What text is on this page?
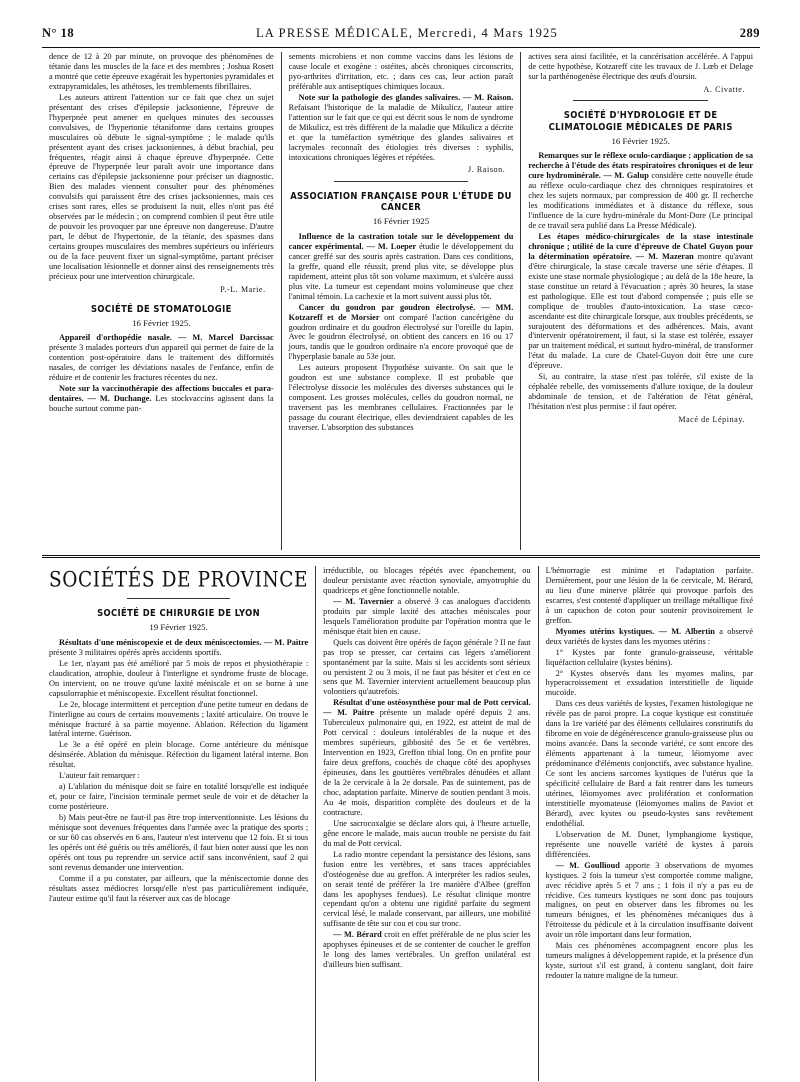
N° 18	LA PRESSE MÉDICALE, Mercredi, 4 Mars 1925	289

dence de 12 à 20 par minute, on provoque des phénomènes de tétanie dans les muscles de la face et des membres ; Joshua Rosett a montré que cette épreuve exagérait les hypertonies pyramidales et extrapyramidales, les athétoses, les tremblements fibrillaires.

Les auteurs attirent l'attention sur ce fait que chez un sujet présentant des crises d'épilepsie jacksonienne, l'épreuve de l'hyperpnée peut amener en quelques minutes des secousses convulsives, de l'hypertonie tétaniforme dans certains groupes musculaires où débute le signal-symptôme ; le malade qu'ils présentent ayant des crises jacksoniennes, à début brachial, peu fréquentes, réagit ainsi à chaque épreuve d'hyperpnée. Cette épreuve de l'hyperpnée leur paraît avoir une importance dans certains cas d'épilepsie jacksonienne pour préciser un diagnostic. Bien des malades viennent consulter pour des phénomènes convulsifs qui paraissent être des crises jacksoniennes, mais ces crises sont rares, elles se produisent la nuit, elles n'ont pas été observées par le médecin ; on comprend combien il peut être utile de pouvoir les provoquer par une épreuve non dangereuse. D'autre part, le début de l'hypertonie, de la tétanie, des spasmes dans certains groupes musculaires des membres supérieurs ou inférieurs ou de la face peuvent fixer un signal-symptôme, partant préciser une localisation lésionnelle et donner ainsi des renseignements très précieux pour une intervention chirurgicale.

P.-L. Marie.
SOCIÉTÉ DE STOMATOLOGIE
16 Février 1925.

Appareil d'orthopédie nasale. — M. Marcel Darcissac présente 3 malades porteurs d'un appareil qui permet de faire de la contention post-opératoire dans le traitement des difformités nasales, de corriger les déviations nasales de l'enfance, enfin de réduire et de contenir les fractures récentes du nez.

Note sur la vaccinothérapie des affections buccales et para-dentaires. — M. Duchange. Les stockvaccins agissent dans la bouche surtout comme pan-

sements microbiens et non comme vaccins dans les lésions de cause locale et exogène : ostéites, abcès chroniques circonscrits, pyo-arthrites d'irritation, etc. ; dans ces cas, leur action paraît préférable aux antiseptiques chimiques locaux.

Note sur la pathologie des glandes salivaires. — M. Raison. Refaisant l'historique de la maladie de Mikulicz, l'auteur attire l'attention sur le fait que ce qui est décrit sous le nom de syndrome de Mikulicz, est très différent de la maladie que Mikulicz a décrite et que la tuméfaction symétrique des glandes salivaires et lacrymales reconnaît des étiologies très diverses : syphilis, intoxications chroniques légères et répétées.

J. Raison.
ASSOCIATION FRANÇAISE POUR L'ÉTUDE DU CANCER
16 Février 1925

Influence de la castration totale sur le développement du cancer expérimental. — M. Loeper étudie le développement du cancer greffé sur des souris après castration. Dans ces conditions, la greffe, quand elle réussit, prend plus vite, se développe plus rapidement, atteint plus tôt son volume maximum, et s'ulcère aussi plus vite. La tumeur est cependant moins volumineuse que chez l'animal témoin. La cachexie et la mort suivent aussi plus tôt.

Cancer du goudron par goudron électrolysé. — MM. Kotzareff et de Morsier ont comparé l'action cancérigène du goudron ordinaire et du goudron électrolysé sur l'oreille du lapin. Avec le goudron électrolysé, on obtient des cancers en 16 ou 17 jours, tandis que le goudron ordinaire n'a encore provoqué que de l'hyperplasie banale au 53e jour.

Les auteurs proposent l'hypothèse suivante. On sait que le goudron est une substance complexe. Il est probable que l'électrolyse dissocie les molécules des diverses substances qui le composent. Les grosses molécules, celles du goudron normal, ne traversent pas les membranes cellulaires. Fractionnées par le passage du courant électrique, elles deviendraient capables de les traverser. L'absorption des substances

actives sera ainsi facilitée, et la cancérisation accélérée. A l'appui de cette hypothèse, Kotzareff cite les travaux de J. Lœb et Delage sur la parthénogenèse électrique des œufs d'oursin.

A. Civatte.
SOCIÉTÉ D'HYDROLOGIE ET DE CLIMATOLOGIE MÉDICALES DE PARIS
16 Février 1925.

Remarques sur le réflexe oculo-cardiaque ; application de sa recherche à l'étude des états respiratoires chroniques et de leur cure hydrominérale. — M. Galup considère cette nouvelle étude au réflexe oculo-cardiaque chez des chroniques respiratoires et chez les sujets normaux, par compression de 400 gr. Il recherche les modifications immédiates et à distance du réflexe, sous l'influence de la cure hydro-minérale du Mont-Dore (Le principal de ce travail sera publié dans La Presse Médicale).

Les étapes médico-chirurgicales de la stase intestinale chronique ; utilité de la cure d'épreuve de Chatel Guyon pour la détermination opératoire. — M. Mazeran montre qu'avant d'être chirurgicale, la stase cæcale traverse une série d'étapes. Il existe une stase normale physiologique ; au delà de la 18e heure, la stase constitue un retard à l'évacuation ; après 30 heures, la stase est pathologique. Elle est tout d'abord compensée ; puis elle se complique de troubles d'auto-intoxication. La stase cæco-ascendante est dite chirurgicale lorsque, aux troubles précédents, se surajoutent des déformations et des adhérences. Mais, avant d'intervenir opératoirement, il faut, si la stase est tolérée, essayer par un traitement médical, et surtout hydro-minéral, de transformer l'état du malade. La cure de Chatel-Guyon doit être une cure d'épreuve.

Si, au contraire, la stase n'est pas tolérée, s'il existe de la céphalée rebelle, des vomissements d'allure toxique, de la douleur abdominale de tension, et de l'altération de l'état général, l'hésitation n'est plus permise : il faut opérer.

Macé de Lépinay.
SOCIÉTÉS DE PROVINCE
SOCIÉTÉ DE CHIRURGIE DE LYON
19 Février 1925.

Résultats d'une méniscopexie et de deux méniscectomies. — M. Paitre présente 3 militaires opérés après accidents sportifs.

Le 1er, n'ayant pas été amélioré par 5 mois de repos et physiothérapie : claudication, atrophie, douleur à l'interligne et syndrome fruste de blocage. On intervient, on ne trouve qu'une laxité méniscale et on se borne à une capsulorraphie et méniscopexie. Excellent résultat fonctionnel.

Le 2e, blocage intermittent et perception d'une petite tumeur en dedans de l'interligne au cours de certains mouvements ; laxité articulaire. On trouve le ménisque fracturé à sa partie moyenne. Ablation. Réfection du ligament latéral interne. Guérison.

Le 3e a été opéré en plein blocage. Corne antérieure du ménisque désinsérée. Ablation du ménisque. Réfection du ligament latéral interne. Bon résultat.

L'auteur fait remarquer :

a) L'ablation du ménisque doit se faire en totalité lorsqu'elle est indiquée et, pour ce faire, l'incision terminale permet seule de voir et de détacher la corne postérieure.

b) Mais peut-être ne faut-il pas être trop interventionniste. Les lésions du ménisque sont devenues fréquentes dans l'armée avec la pratique des sports ; or sur 60 cas observés en 6 ans, l'auteur n'est intervenu que 12 fois. Et si tous les opérés ont été guéris ou très améliorés, il faut bien noter aussi que les non opérés ont tous pu reprendre un service actif sans inconvénient, sauf 2 qui sont revenus demander une intervention.

Comme il a pu constater, par ailleurs, que la méniscectomie donne des résultats assez médiocres lorsqu'elle n'est pas particulièrement indiquée, l'auteur estime qu'il faut la réserver aux cas de blocage

irréductible, ou blocages répétés avec épanchement, ou douleur persistante avec réaction synoviale, amyotrophie du quadriceps et gêne fonctionnelle notable.

— M. Tavernier a observé 3 cas analogues d'accidents produits par simple laxité des attaches méniscales pour lesquels l'amélioration produite par l'opération montra que le ménisque était bien en cause.

Quels cas doivent être opérés de façon générale ? Il ne faut pas trop se presser, car certains cas légers s'améliorent spontanément par la suite. Mais si les accidents sont sérieux ou persistent 2 ou 3 mois, il ne faut pas hésiter et c'est en ce sens que M. Tavernier intervient actuellement beaucoup plus volontiers qu'autrefois.

Résultat d'une ostéosynthèse pour mal de Pott cervical. — M. Paitre présente un malade opéré depuis 2 ans. Tuberculeux pulmonaire qui, en 1922, est atteint de mal de Pott cervical : douleurs intolérables de la nuque et des membres supérieurs, gibbosité des 5e et 6e vertèbres. Intervention en 1923, Greffon tibial long. On en profite pour faire deux greffons, couchés de chaque côté des apophyses épineuses, dans les gouttières vertébrales dénudées et allant de la 2e cervicale à la 2e dorsale. Pas de suintement, pas de choc, adaptation parfaite. Minerve de soutien pendant 3 mois. Au 4e mois, disparition complète des douleurs et de la contracture.

Une sacrocoxalgie se déclare alors qui, à l'heure actuelle, gêne encore le malade, mais aucun trouble ne persiste du fait du mal de Pott cervical.

La radio montre cependant la persistance des lésions, sans fusion entre les vertèbres, et sans traces appréciables d'ostéogenèse due au greffon. A interpréter les radios seules, on serait tenté de préférer la 1re manière d'Albee (greffon dans les apophyses fendues). Le résultat clinique montre cependant qu'on a obtenu une rigidité parfaite du segment cervical lésé, le malade conservant, par ailleurs, une mobilité suffisante de tête sur cou et cou sur tronc.

— M. Bérard croit en effet préférable de ne plus scier les apophyses épineuses et de se contenter de coucher le greffon le long des lames vertébrales. Un greffon unilatéral est d'ailleurs bien suffisant.

L'hémorragie est minime et l'adaptation parfaite. Dernièrement, pour une lésion de la 6e cervicale, M. Bérard, au lieu d'une minerve plâtrée qui provoque parfois des escarres, s'est contenté d'appliquer un treillage métallique fixé à un capuchon de coton pour soutenir provisoirement le greffon.

Myomes utérins kystiques. — M. Albertin a observé deux variétés de kystes dans les myomes utérins :

1° Kystes par fonte granulo-graisseuse, véritable liquéfaction cellulaire (kystes bénins).

2° Kystes observés dans les myomes malins, par hyperacroissement et exsudation interstitielle de liquide mucoïde.

Dans ces deux variétés de kystes, l'examen histologique ne révèle pas de paroi propre. La coque kystique est constituée dans la 1re variété par des éléments cellulaires constitutifs du fibrome en voie de dégénérescence granulo-graisseuse plus ou moins avancée. Dans la seconde variété, ce sont encore des éléments appartenant à la tumeur, léiomyome avec prédominance d'éléments conjonctifs, avec substance hyaline. Ce sont les anciens sarcomes kystiques de l'utérus que la spécificité cellulaire de Bard a fait rentrer dans les tumeurs utérines, léiomyomes avec prolifération et conformation interstitielle myomateuse (léiomyomes malins de Paviot et Bérard), avec kystes ou pseudo-kystes sans revêtement endothélial.

L'observation de M. Dunet, lymphangiome kystique, représente une nouvelle variété de kystes à parois différenciées.

— M. Goullioud apporte 3 observations de myomes kystiques. 2 fois la tumeur s'est comportée comme maligne, avec récidive après 5 et 7 ans ; 1 fois il n'y a pas eu de récidive. Ces tumeurs kystiques ne sont donc pas toujours malignes, on peut en observer dans les fibromes ou les tumeurs bénignes, et les phénomènes mécaniques dus à l'étroitesse du pédicule et à la circulation insuffisante doivent avoir un rôle important dans leur formation.

Mais ces phénomènes accompagnent encore plus les tumeurs malignes à développement rapide, et la présence d'un kyste, surtout s'il est grand, à contenu sanglant, doit faire redouter la nature maligne de la tumeur.
